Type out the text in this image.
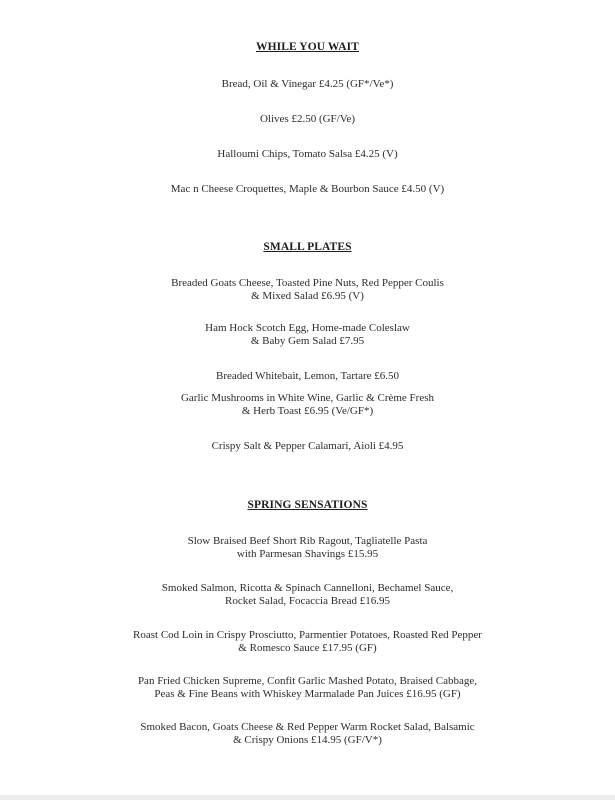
WHILE YOU WAIT
Bread, Oil & Vinegar £4.25 (GF*/Ve*)
Olives £2.50 (GF/Ve)
Halloumi Chips, Tomato Salsa £4.25 (V)
Mac n Cheese Croquettes, Maple & Bourbon Sauce £4.50 (V)
SMALL PLATES
Breaded Goats Cheese, Toasted Pine Nuts, Red Pepper Coulis
& Mixed Salad £6.95 (V)
Ham Hock Scotch Egg, Home-made Coleslaw
& Baby Gem Salad £7.95
Breaded Whitebait, Lemon, Tartare £6.50
Garlic Mushrooms in White Wine, Garlic & Crème Fresh
& Herb Toast £6.95 (Ve/GF*)
Crispy Salt & Pepper Calamari, Aioli £4.95
SPRING SENSATIONS
Slow Braised Beef Short Rib Ragout, Tagliatelle Pasta
with Parmesan Shavings £15.95
Smoked Salmon, Ricotta & Spinach Cannelloni, Bechamel Sauce,
Rocket Salad, Focaccia Bread £16.95
Roast Cod Loin in Crispy Prosciutto, Parmentier Potatoes, Roasted Red Pepper
& Romesco Sauce £17.95 (GF)
Pan Fried Chicken Supreme, Confit Garlic Mashed Potato, Braised Cabbage,
Peas & Fine Beans with Whiskey Marmalade Pan Juices £16.95 (GF)
Smoked Bacon, Goats Cheese & Red Pepper Warm Rocket Salad, Balsamic
& Crispy Onions £14.95 (GF/V*)
